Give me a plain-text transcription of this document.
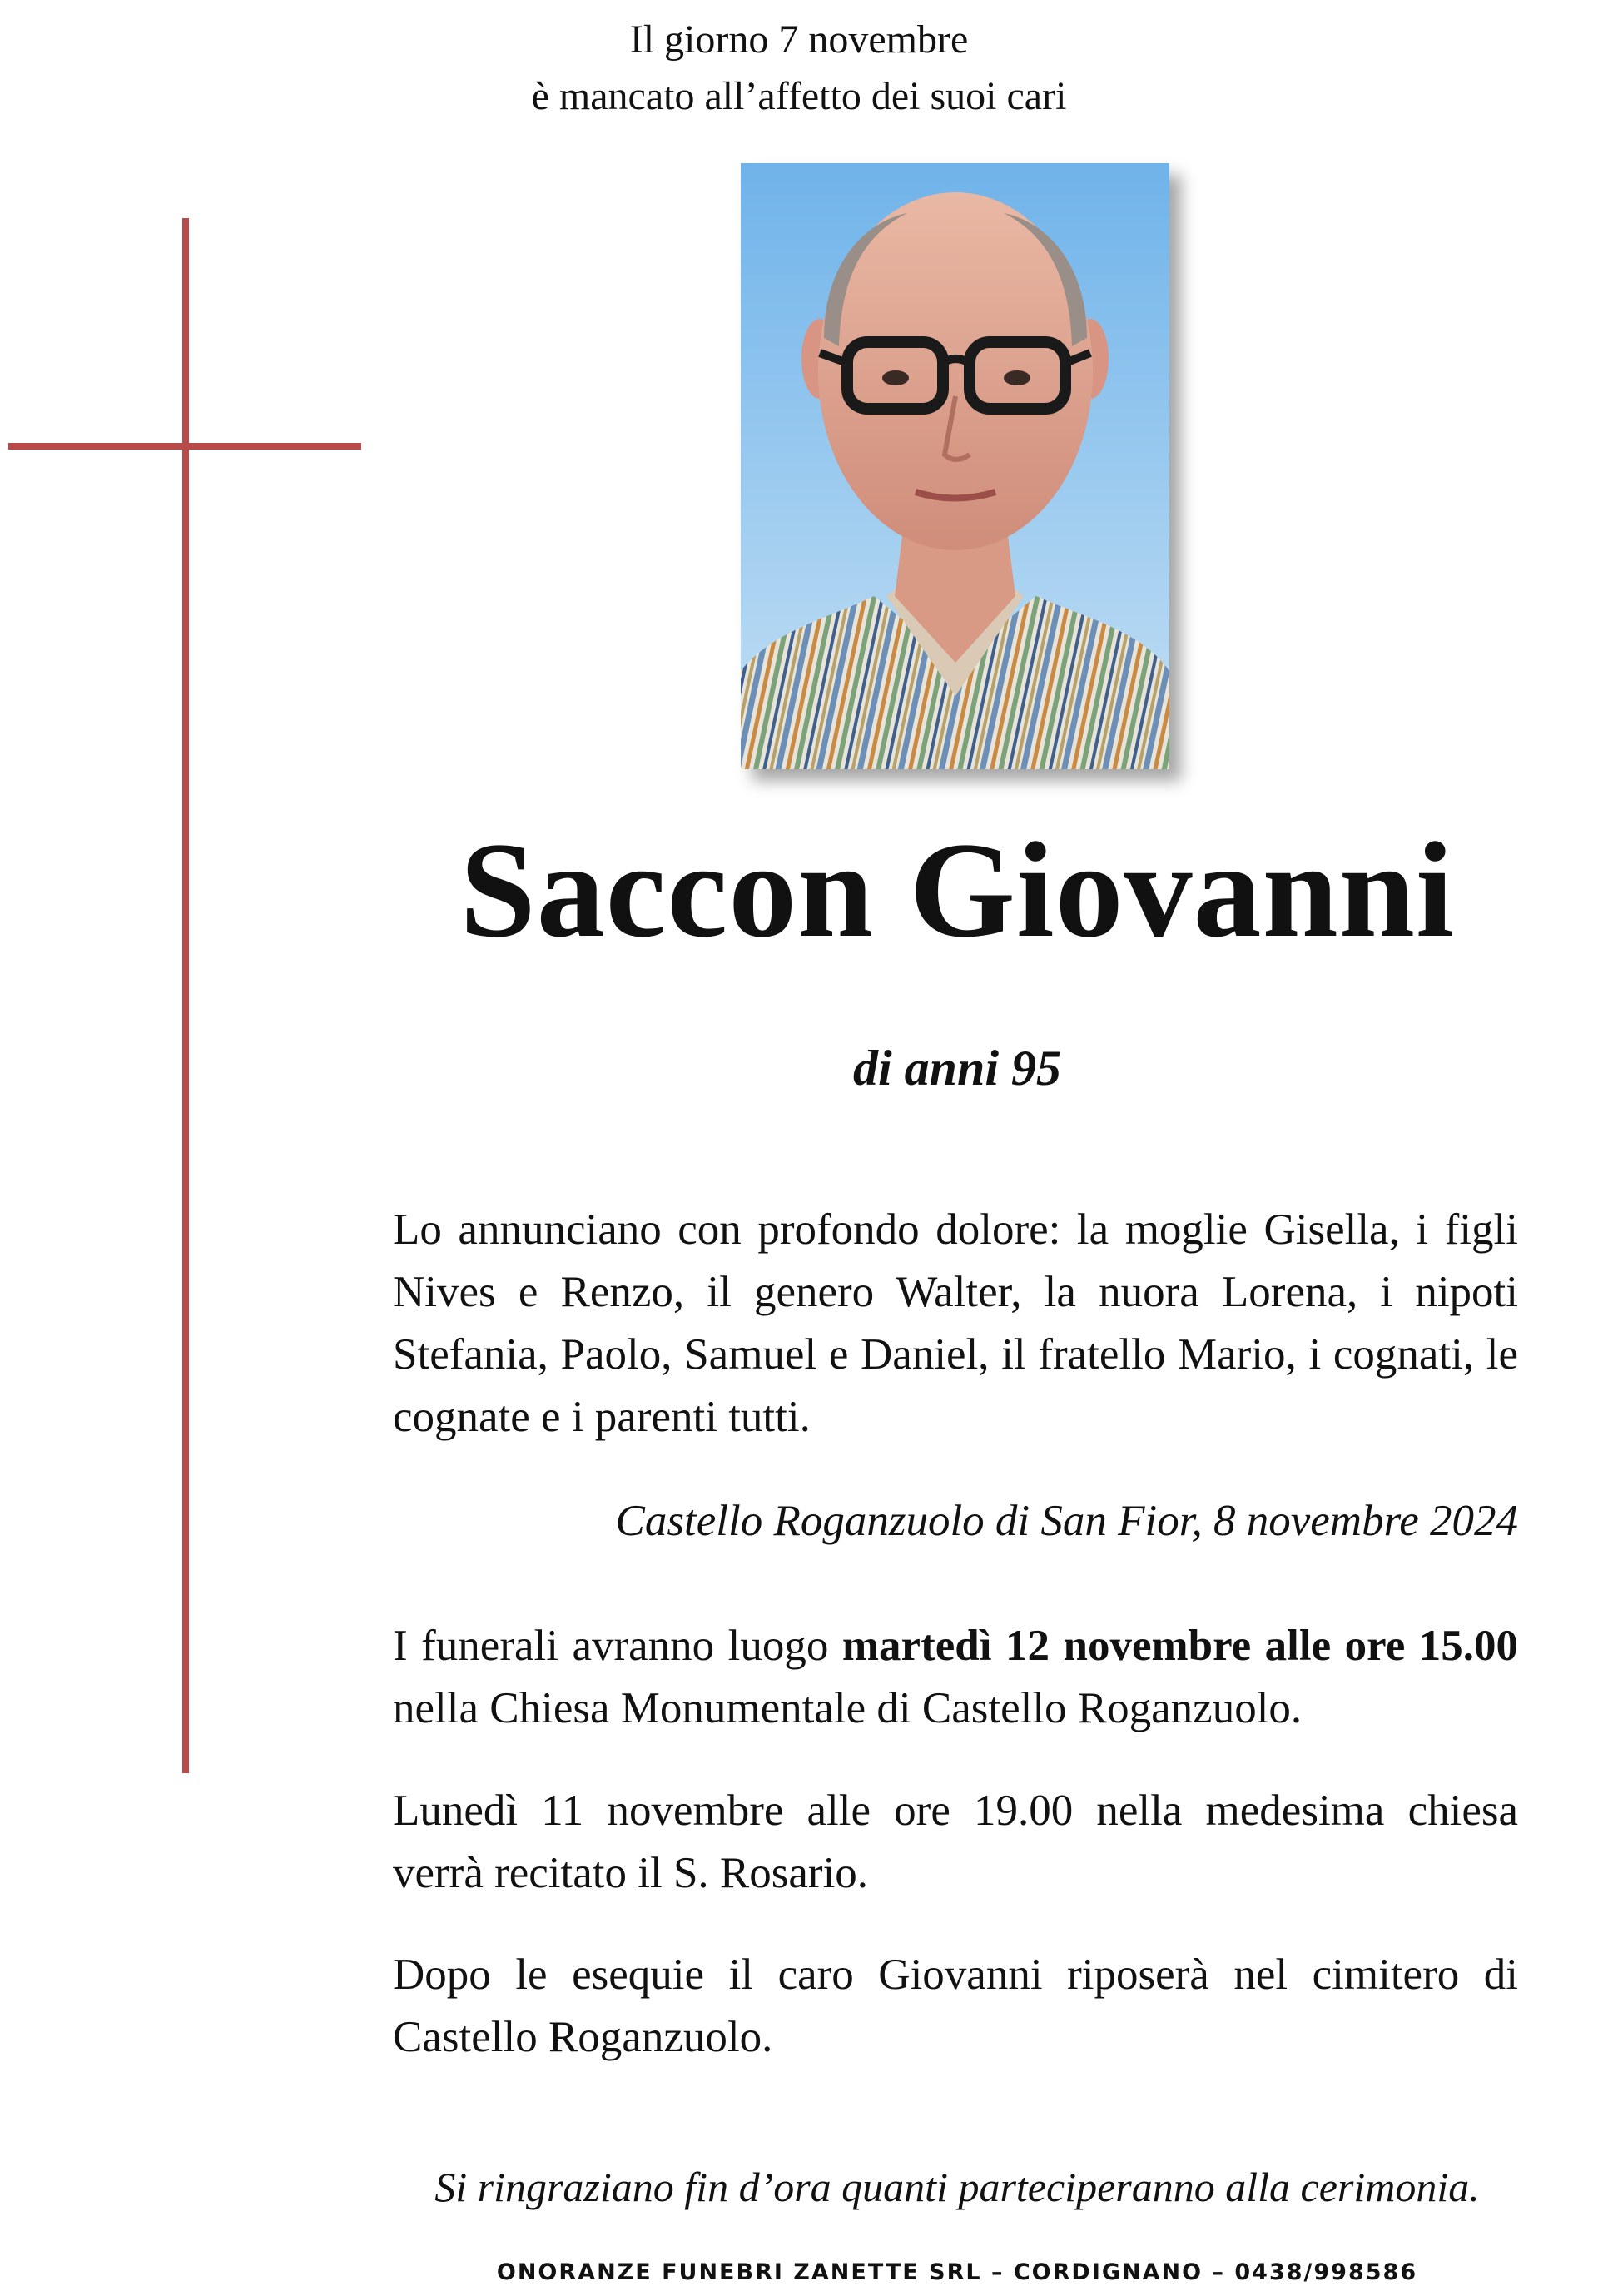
Il giorno 7 novembre
è mancato all’affetto dei suoi cari
Saccon Giovanni
di anni 95
Lo annunciano con profondo dolore: la moglie Gisella, i figli Nives e Renzo, il genero Walter, la nuora Lorena, i nipoti Stefania, Paolo, Samuel e Daniel, il fratello Mario, i cognati, le cognate e i parenti tutti.
Castello Roganzuolo di San Fior, 8 novembre 2024
I funerali avranno luogo martedì 12 novembre alle ore 15.00 nella Chiesa Monumentale di Castello Roganzuolo.
Lunedì 11 novembre alle ore 19.00 nella medesima chiesa verrà recitato il S. Rosario.
Dopo le esequie il caro Giovanni riposerà nel cimitero di Castello Roganzuolo.
Si ringraziano fin d’ora quanti parteciperanno alla cerimonia.
ONORANZE FUNEBRI ZANETTE SRL – CORDIGNANO – 0438/998586
